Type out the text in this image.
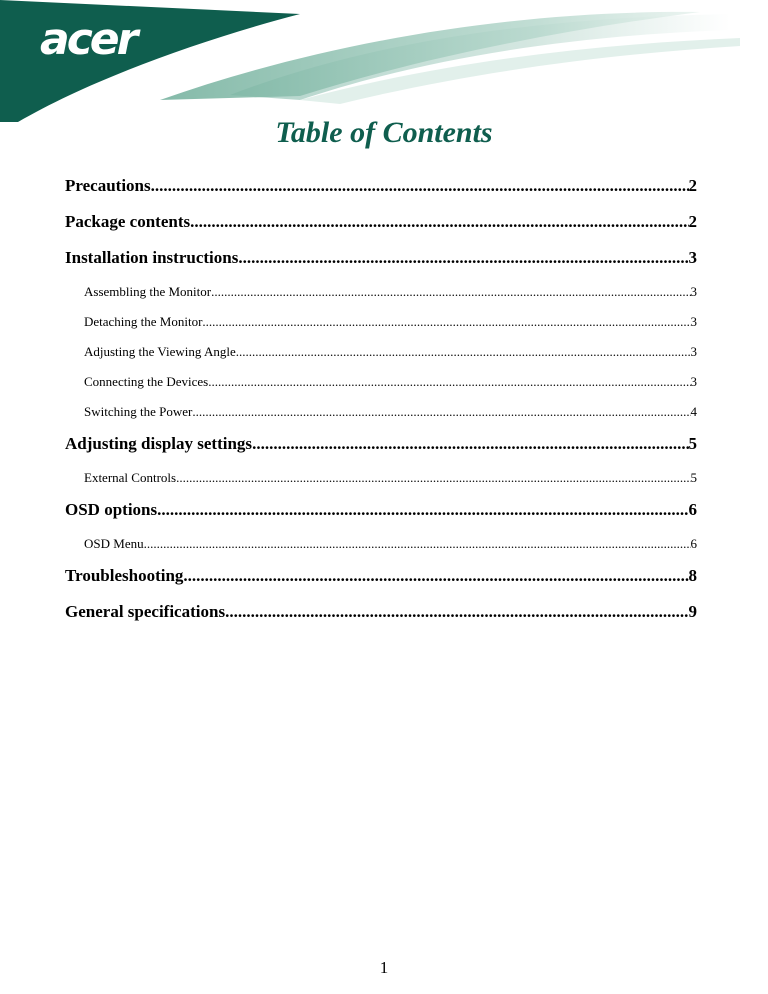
acer
Table of Contents
Precautions .....	2
Package contents .....	2
Installation instructions .....	3
Assembling the Monitor .....	3
Detaching the Monitor .....	3
Adjusting the Viewing Angle .....	3
Connecting the Devices .....	3
Switching the Power .....	4
Adjusting display settings .....	5
External Controls .....	5
OSD options .....	6
OSD Menu .....	6
Troubleshooting .....	8
General specifications .....	9
1
